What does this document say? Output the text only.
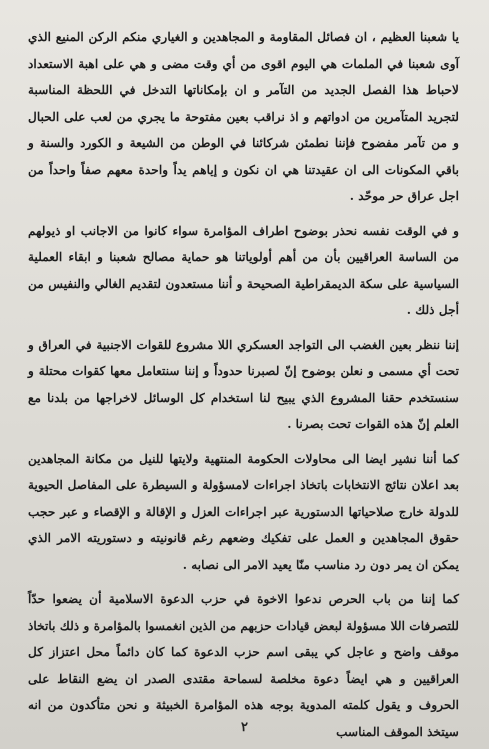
يا شعبنا العظيم ، ان فصائل المقاومة و المجاهدين و الغياري منكم الركن المنيع الذي آوى شعبنا في الملمات هي اليوم اقوى من أي وقت مضى و هي على اهبة الاستعداد لاحباط هذا الفصل الجديد من التآمر و ان بإمكاناتها التدخل في اللحظة المناسبة لتجريد المتآمرين من ادواتهم و اذ نراقب بعين مفتوحة ما يجري من لعب على الحبال و من تآمر مفضوح فإننا نطمئن شركائنا في الوطن من الشيعة و الكورد والسنة و باقي المكونات الى ان عقيدتنا هي ان نكون و إياهم يداً واحدة معهم صفاً واحداً من اجل عراق حر موحّد .

و في الوقت نفسه نحذر بوضوح اطراف المؤامرة سواء كانوا من الاجانب او ذيولهم من الساسة العراقيين بأن من أهم أولوياتنا هو حماية مصالح شعبنا و ابقاء العملية السياسية على سكة الديمقراطية الصحيحة و أننا مستعدون لتقديم الغالي والنفيس من أجل ذلك .

إننا ننظر بعين الغضب الى التواجد العسكري اللا مشروع للقوات الاجنبية في العراق و تحت أي مسمى و نعلن بوضوح إنّ لصبرنا حدوداً و إننا سنتعامل معها كقوات محتلة و سنستخدم حقنا المشروع الذي يبيح لنا استخدام كل الوسائل لاخراجها من بلدنا مع العلم إنّ هذه القوات تحت بصرنا .

كما أننا نشير ايضا الى محاولات الحكومة المنتهية ولايتها للنيل من مكانة المجاهدين بعد اعلان نتائج الانتخابات باتخاذ اجراءات لامسؤولة و السيطرة على المفاصل الحيوية للدولة خارج صلاحياتها الدستورية عبر اجراءات العزل و الإقالة و الإقصاء و عبر حجب حقوق المجاهدين و العمل على تفكيك وضعهم رغم قانونيته و دستوريته الامر الذي يمكن ان يمر دون رد مناسب منّا يعيد الامر الى نصابه .

كما إننا من باب الحرص ندعوا الاخوة في حزب الدعوة الاسلامية أن يضعوا حدّاً للتصرفات اللا مسؤولة لبعض قيادات حزبهم من الذين انغمسوا بالمؤامرة و ذلك باتخاذ موقف واضح و عاجل كي يبقى اسم حزب الدعوة كما كان دائماً محل اعتزاز كل العراقيين و هي ايضاً دعوة مخلصة لسماحة مقتدى الصدر ان يضع النقاط على الحروف و يقول كلمته المدوية بوجه هذه المؤامرة الخبيثة و نحن متأكدون من انه سيتخذ الموقف المناسب

٢
